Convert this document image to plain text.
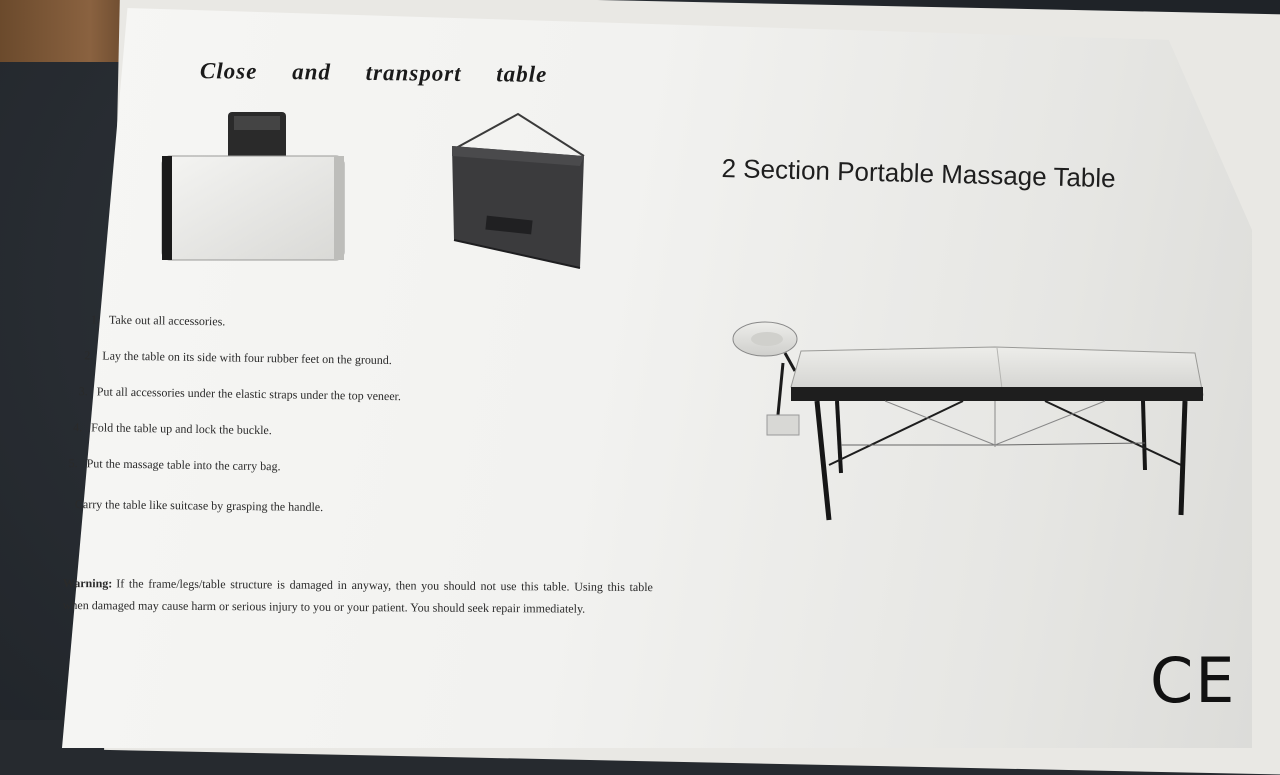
Close and transport table
2 Section Portable Massage Table
1. Take out all accessories.
2. Lay the table on its side with four rubber feet on the ground.
3. Put all accessories under the elastic straps under the top veneer.
4. Fold the table up and lock the buckle.
5. Put the massage table into the carry bag.
Carry the table like suitcase by grasping the handle.
Warning: If the frame/legs/table structure is damaged in anyway, then you should not use this table. Using this table when damaged may cause harm or serious injury to you or your patient. You should seek repair immediately.
CE
